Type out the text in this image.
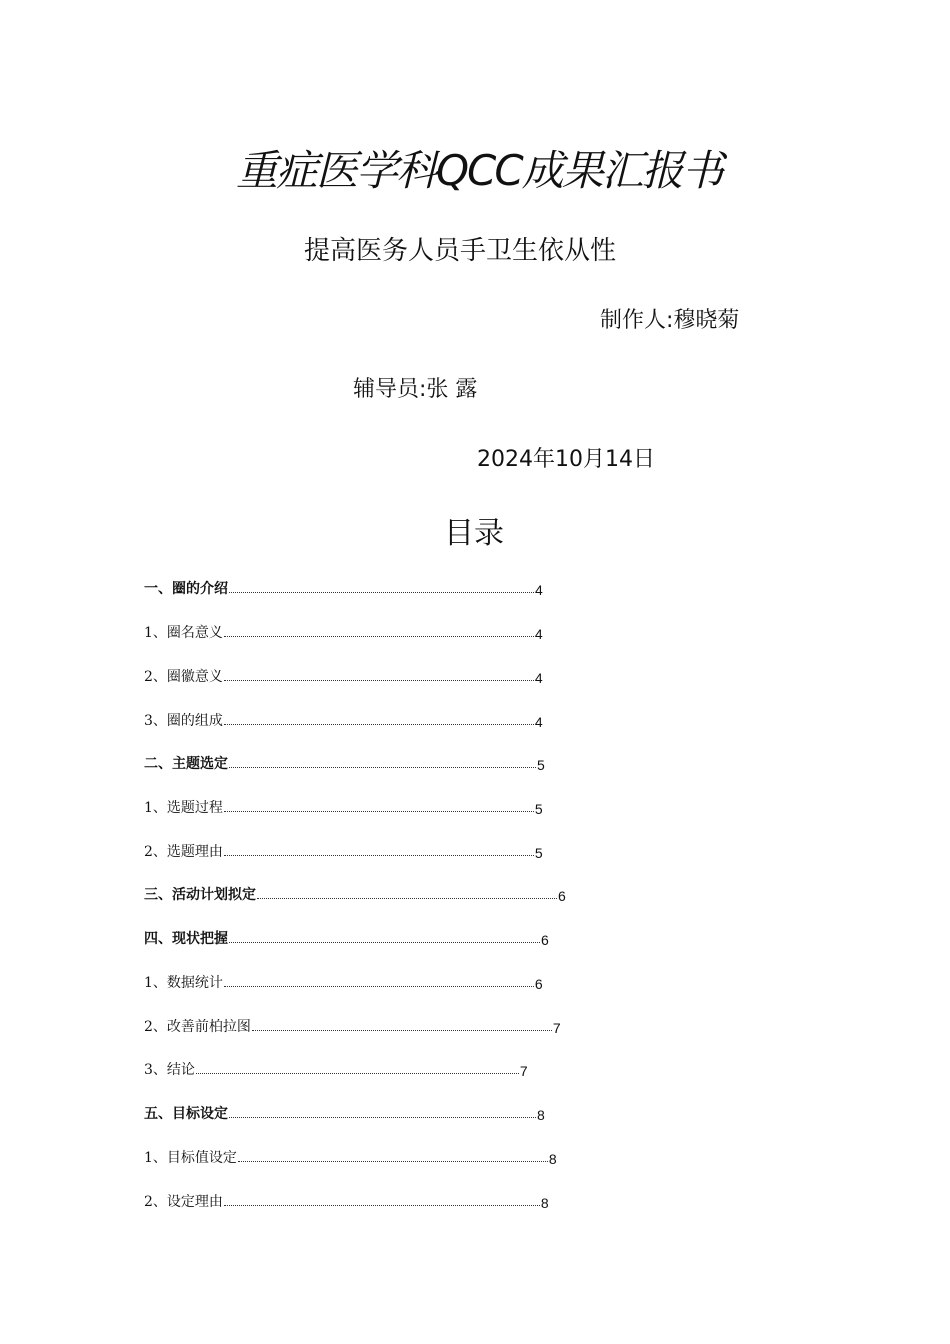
重症医学科QCC成果汇报书
提高医务人员手卫生依从性
制作人:穆晓菊
辅导员:张 露
2024年10月14日
目录
一、圈的介绍	4
1、圈名意义	4
2、圈徽意义	4
3、圈的组成	4
二、主题选定	5
1、选题过程	5
2、选题理由	5
三、活动计划拟定	6
四、现状把握	6
1、数据统计	6
2、改善前柏拉图	7
3、结论	7
五、目标设定	8
1、目标值设定	8
2、设定理由	8
